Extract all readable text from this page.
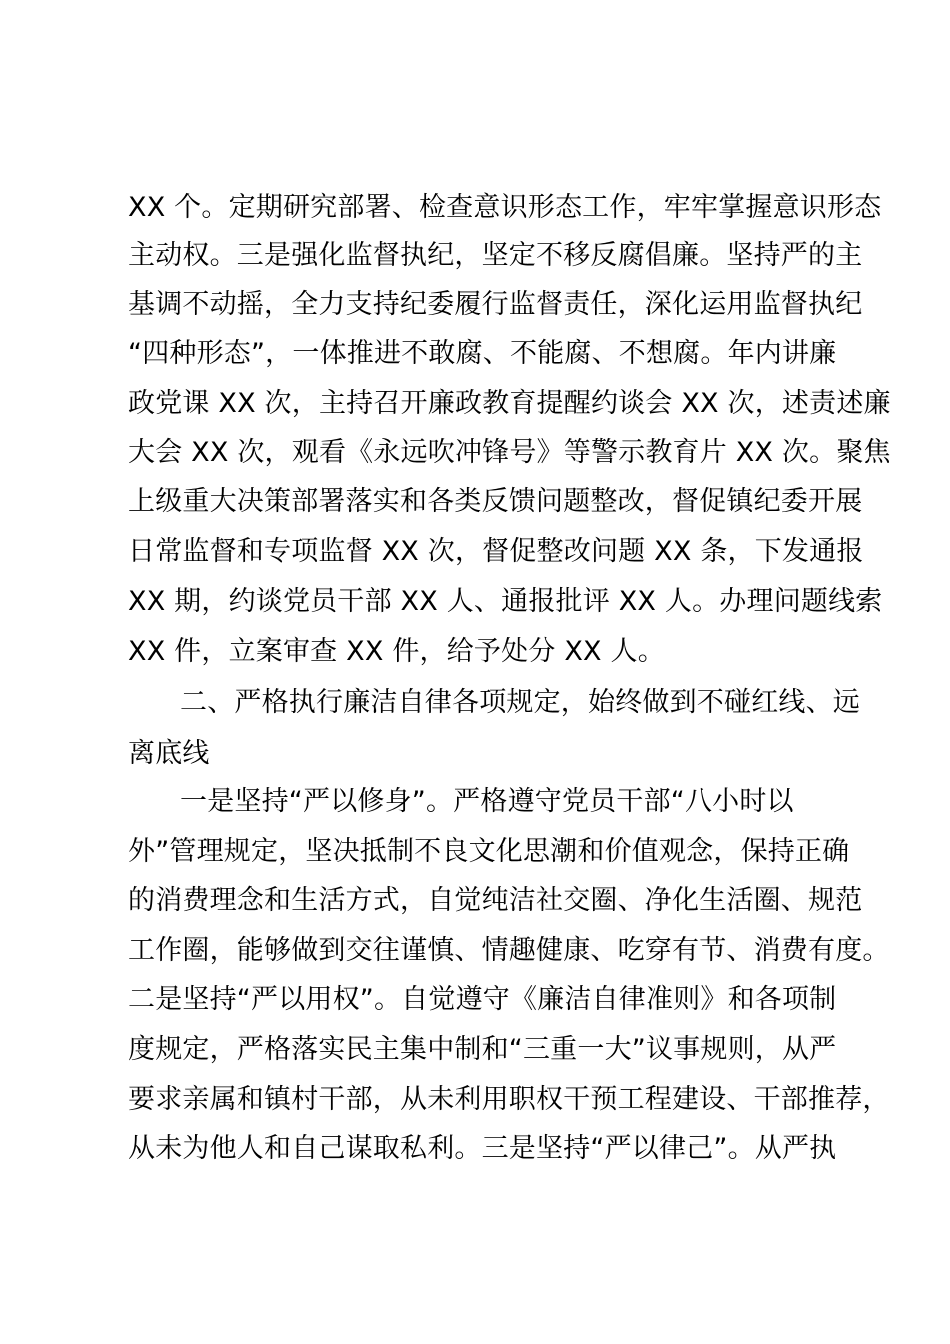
XX 个。定期研究部署、检查意识形态工作，牢牢掌握意识形态
主动权。三是强化监督执纪，坚定不移反腐倡廉。坚持严的主
基调不动摇，全力支持纪委履行监督责任，深化运用监督执纪
“四种形态”，一体推进不敢腐、不能腐、不想腐。年内讲廉
政党课 XX 次，主持召开廉政教育提醒约谈会 XX 次，述责述廉
大会 XX 次，观看《永远吹冲锋号》等警示教育片 XX 次。聚焦
上级重大决策部署落实和各类反馈问题整改，督促镇纪委开展
日常监督和专项监督 XX 次，督促整改问题 XX 条，下发通报
XX 期，约谈党员干部 XX 人、通报批评 XX 人。办理问题线索
XX 件，立案审查 XX 件，给予处分 XX 人。
二、严格执行廉洁自律各项规定，始终做到不碰红线、远
离底线
一是坚持“严以修身”。严格遵守党员干部“八小时以
外”管理规定，坚决抵制不良文化思潮和价值观念，保持正确
的消费理念和生活方式，自觉纯洁社交圈、净化生活圈、规范
工作圈，能够做到交往谨慎、情趣健康、吃穿有节、消费有度。
二是坚持“严以用权”。自觉遵守《廉洁自律准则》和各项制
度规定，严格落实民主集中制和“三重一大”议事规则，从严
要求亲属和镇村干部，从未利用职权干预工程建设、干部推荐，
从未为他人和自己谋取私利。三是坚持“严以律己”。从严执
